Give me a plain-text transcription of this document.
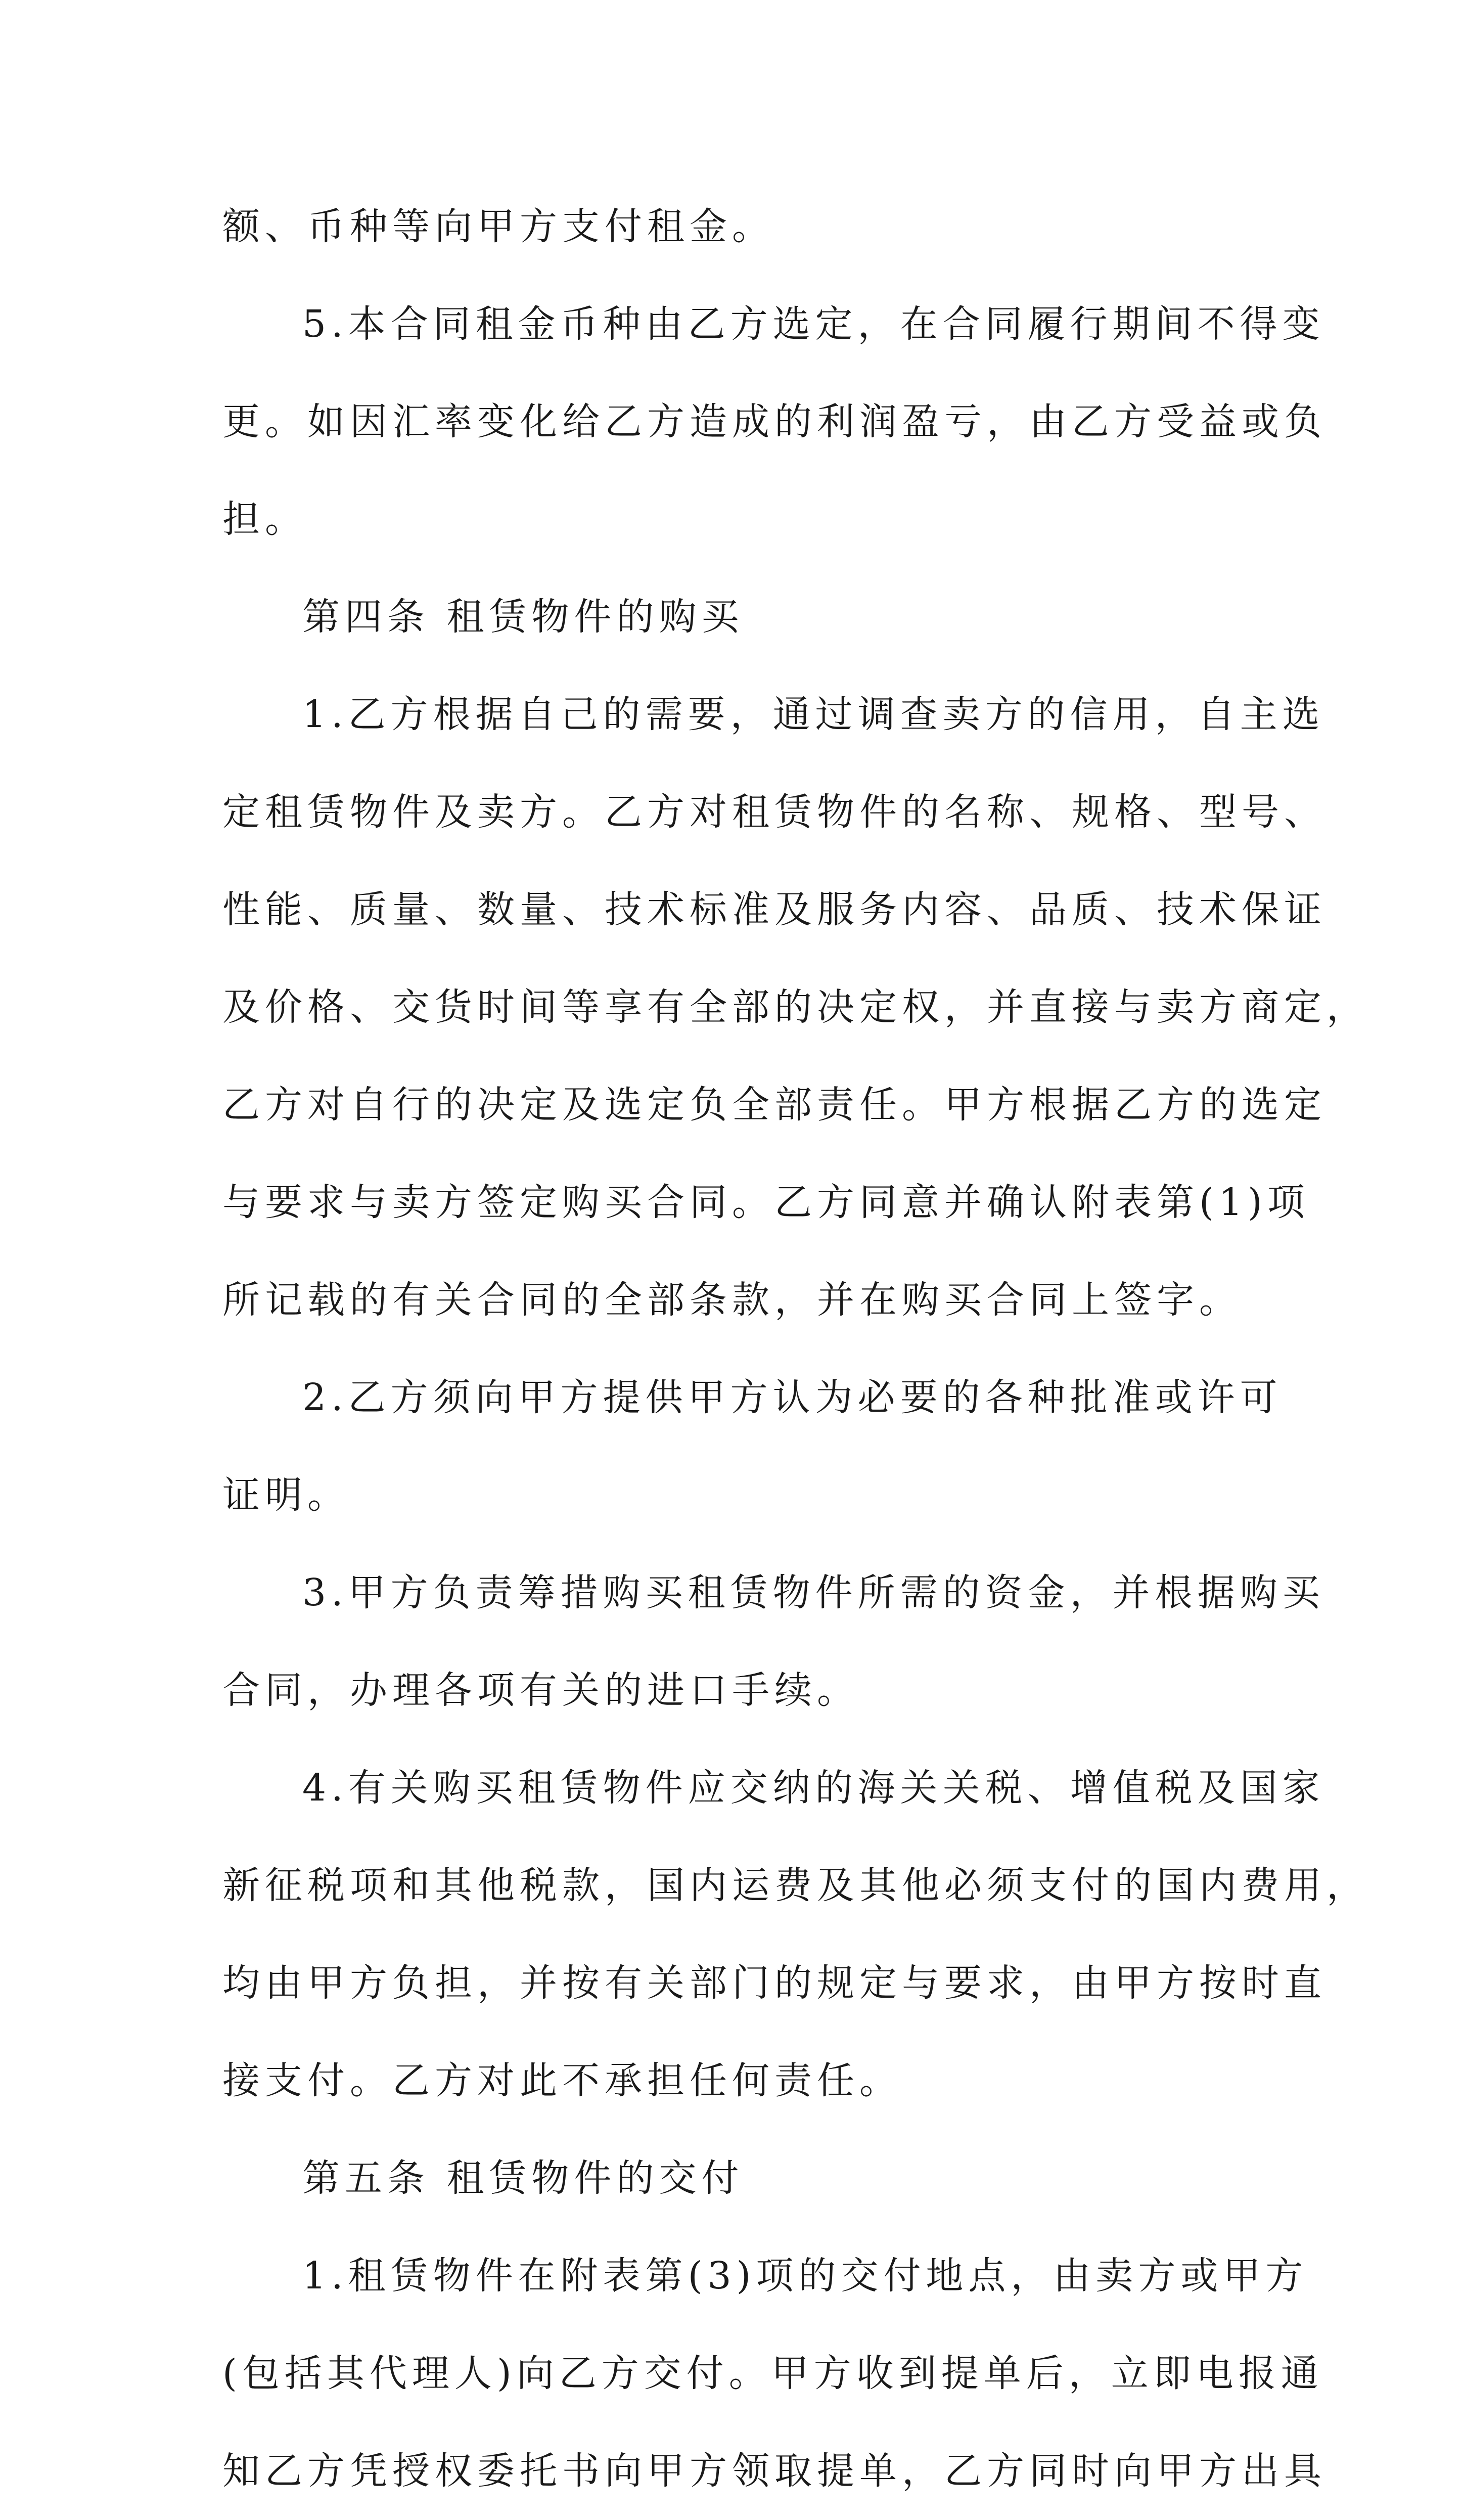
额、币种等向甲方支付租金。
5.本合同租金币种由乙方选定，在合同履行期间不得变
更。如因汇率变化给乙方造成的利润盈亏，由乙方受益或负
担。
第四条 租赁物件的购买
1.乙方根据自己的需要，通过调查卖方的信用，自主选
定租赁物件及卖方。乙方对租赁物件的名称、规格、型号、
性能、质量、数量、技术标准及服务内容、品质、技术保证
及价格、交货时间等享有全部的决定权，并直接与卖方商定，
乙方对自行的决定及选定负全部责任。甲方根据乙方的选定
与要求与卖方签定购买合同。乙方同意并确认附表第(1)项
所记载的有关合同的全部条款，并在购买合同上签字。
2.乙方须向甲方提供甲方认为必要的各种批准或许可
证明。
3.甲方负责筹措购买租赁物件所需的资金，并根据购买
合同，办理各项有关的进口手续。
4.有关购买租赁物件应交纳的海关关税、增值税及国家
新征税项和其他税款，国内运费及其他必须支付的国内费用，
均由甲方负担，并按有关部门的规定与要求，由甲方按时直
接支付。乙方对此不承担任何责任。
第五条 租赁物件的交付
1.租赁物件在附表第(3)项的交付地点，由卖方或甲方
(包括其代理人)向乙方交付。甲方收到提单后，立即电报通
知乙方凭授权委托书向甲方领取提单，乙方同时向甲方出具
